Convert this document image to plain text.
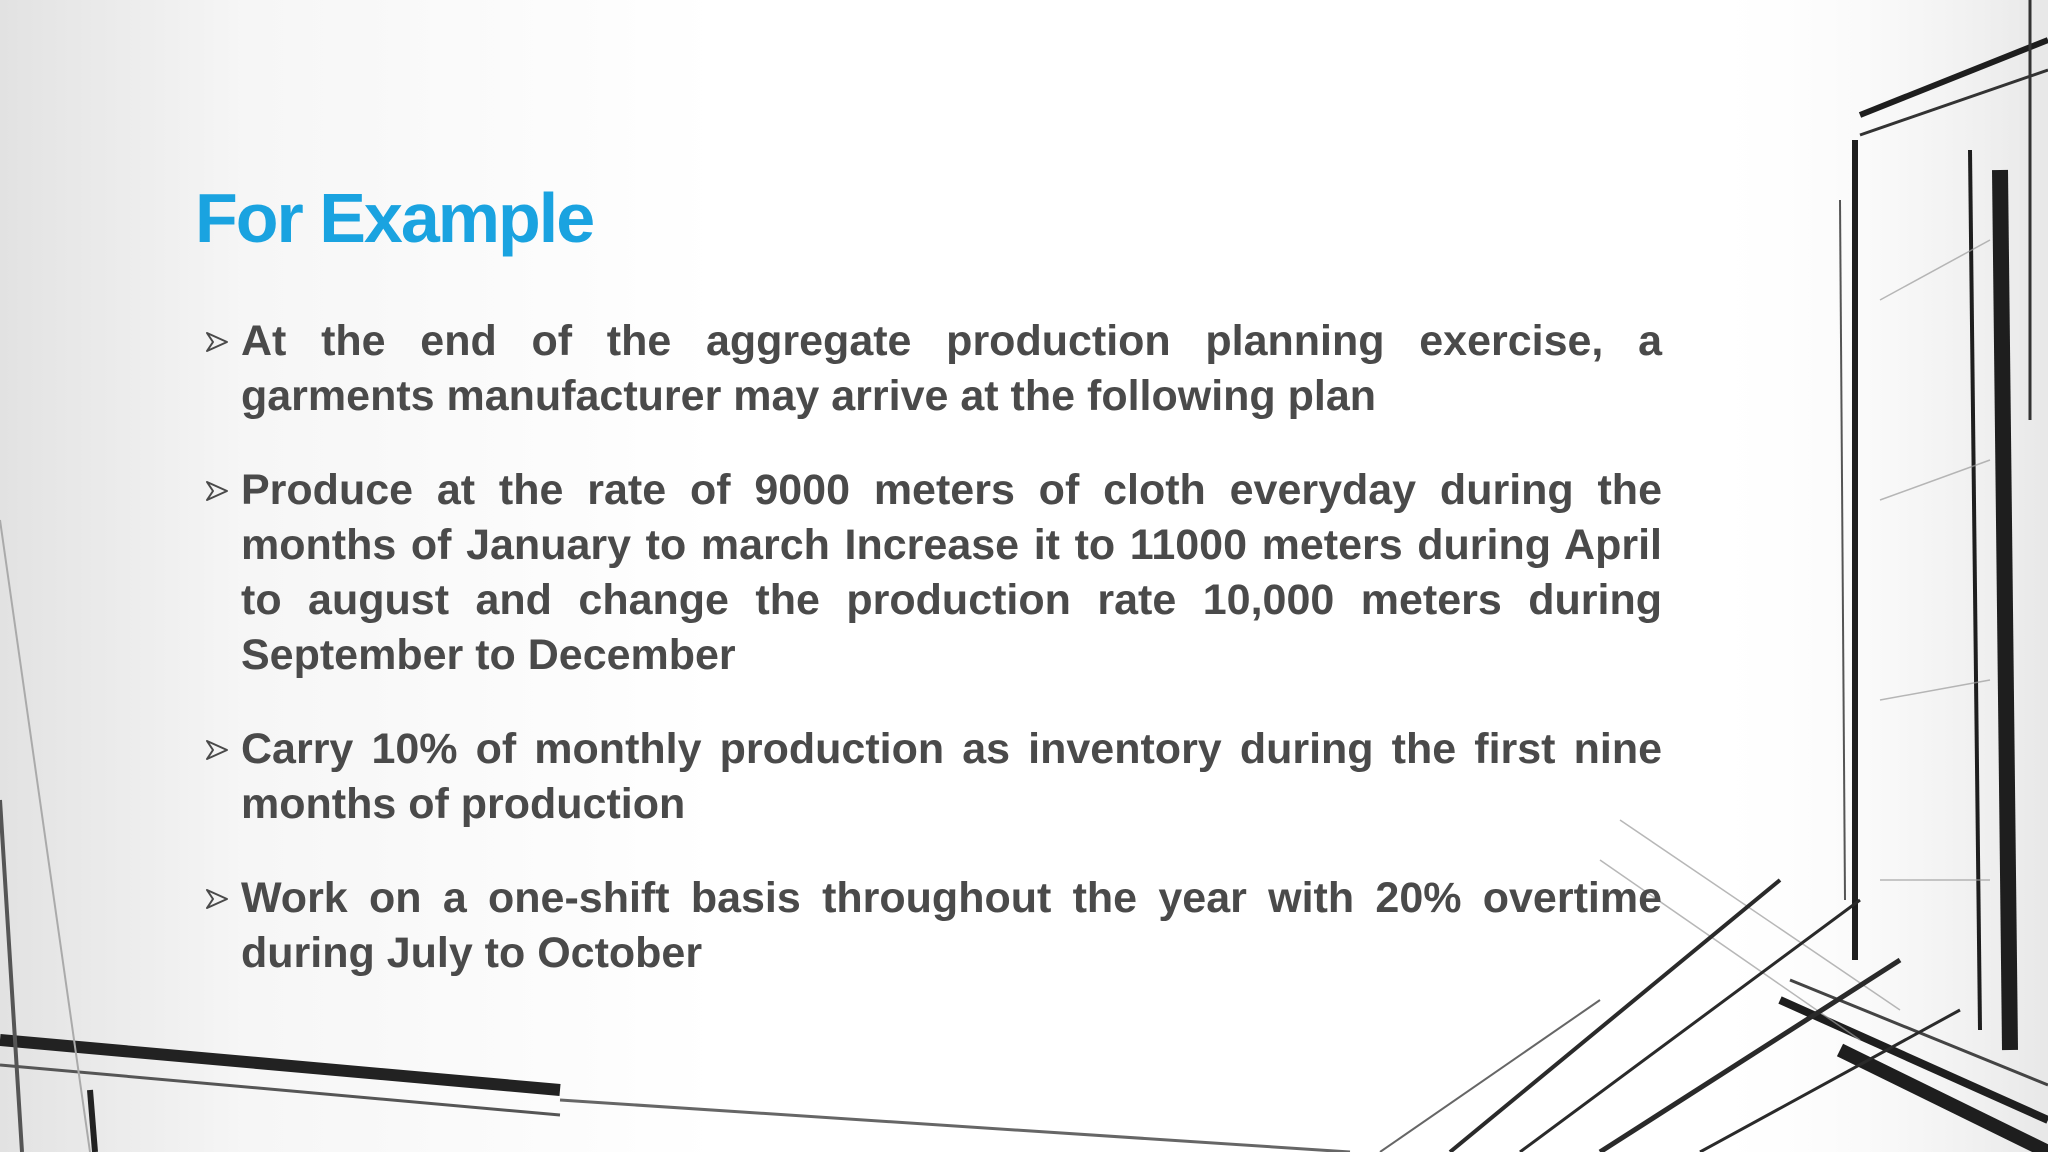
For Example
At the end of the aggregate production planning exercise, a garments manufacturer may arrive at the following plan
Produce at the rate of 9000 meters of cloth everyday during the months of January to march Increase it to 11000 meters during April to august and change the production rate 10,000 meters during September to December
Carry 10% of monthly production as inventory during the first nine months of production
Work on a one-shift basis throughout the year with 20% overtime during July to October
